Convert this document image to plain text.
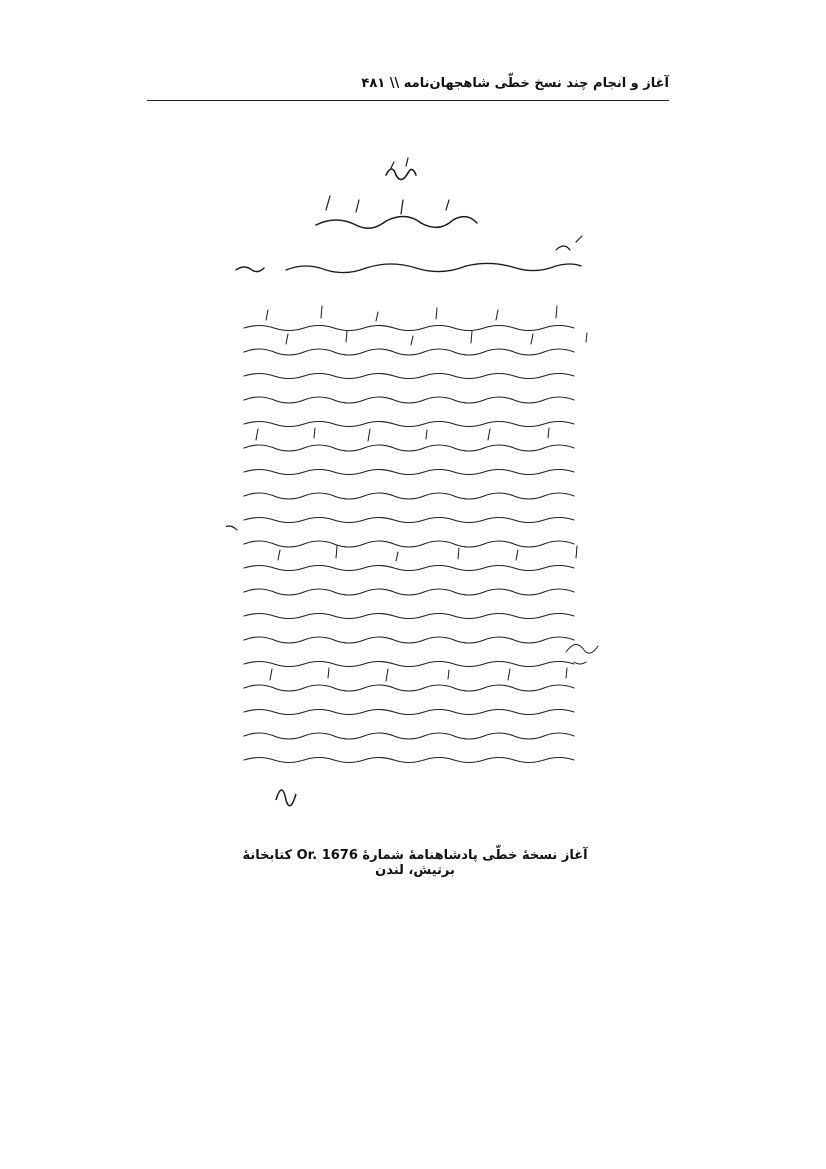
آغاز و انجام چند نسخ خطّی شاهجهان‌نامه \\ ۴۸۱
آغاز نسخهٔ خطّی پادشاهنامهٔ شمارهٔ Or. 1676 کتابخانهٔ برتیش، لندن
